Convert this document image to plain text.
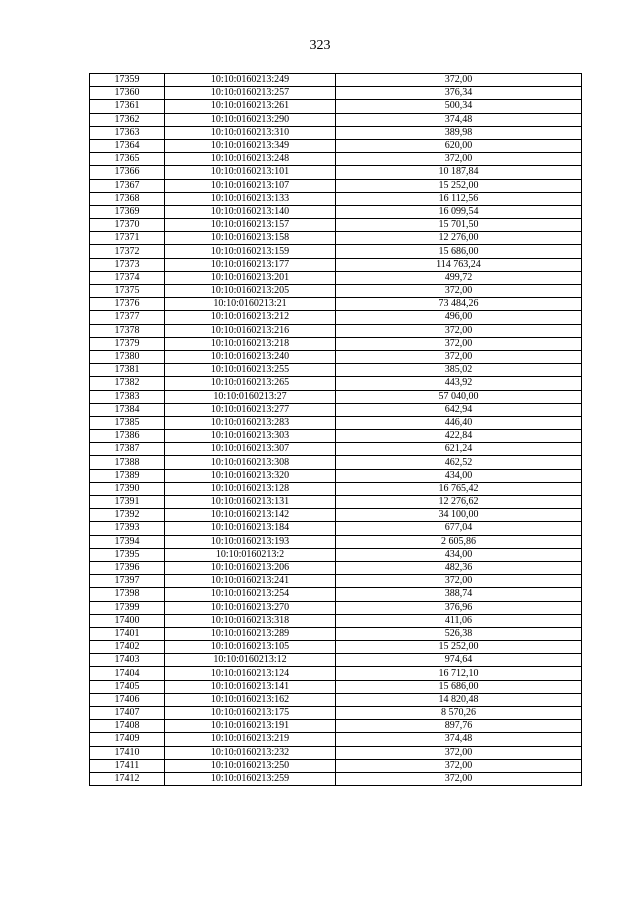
323
17359	10:10:0160213:249	372,00
17360	10:10:0160213:257	376,34
17361	10:10:0160213:261	500,34
17362	10:10:0160213:290	374,48
17363	10:10:0160213:310	389,98
17364	10:10:0160213:349	620,00
17365	10:10:0160213:248	372,00
17366	10:10:0160213:101	10 187,84
17367	10:10:0160213:107	15 252,00
17368	10:10:0160213:133	16 112,56
17369	10:10:0160213:140	16 099,54
17370	10:10:0160213:157	15 701,50
17371	10:10:0160213:158	12 276,00
17372	10:10:0160213:159	15 686,00
17373	10:10:0160213:177	114 763,24
17374	10:10:0160213:201	499,72
17375	10:10:0160213:205	372,00
17376	10:10:0160213:21	73 484,26
17377	10:10:0160213:212	496,00
17378	10:10:0160213:216	372,00
17379	10:10:0160213:218	372,00
17380	10:10:0160213:240	372,00
17381	10:10:0160213:255	385,02
17382	10:10:0160213:265	443,92
17383	10:10:0160213:27	57 040,00
17384	10:10:0160213:277	642,94
17385	10:10:0160213:283	446,40
17386	10:10:0160213:303	422,84
17387	10:10:0160213:307	621,24
17388	10:10:0160213:308	462,52
17389	10:10:0160213:320	434,00
17390	10:10:0160213:128	16 765,42
17391	10:10:0160213:131	12 276,62
17392	10:10:0160213:142	34 100,00
17393	10:10:0160213:184	677,04
17394	10:10:0160213:193	2 605,86
17395	10:10:0160213:2	434,00
17396	10:10:0160213:206	482,36
17397	10:10:0160213:241	372,00
17398	10:10:0160213:254	388,74
17399	10:10:0160213:270	376,96
17400	10:10:0160213:318	411,06
17401	10:10:0160213:289	526,38
17402	10:10:0160213:105	15 252,00
17403	10:10:0160213:12	974,64
17404	10:10:0160213:124	16 712,10
17405	10:10:0160213:141	15 686,00
17406	10:10:0160213:162	14 820,48
17407	10:10:0160213:175	8 570,26
17408	10:10:0160213:191	897,76
17409	10:10:0160213:219	374,48
17410	10:10:0160213:232	372,00
17411	10:10:0160213:250	372,00
17412	10:10:0160213:259	372,00
